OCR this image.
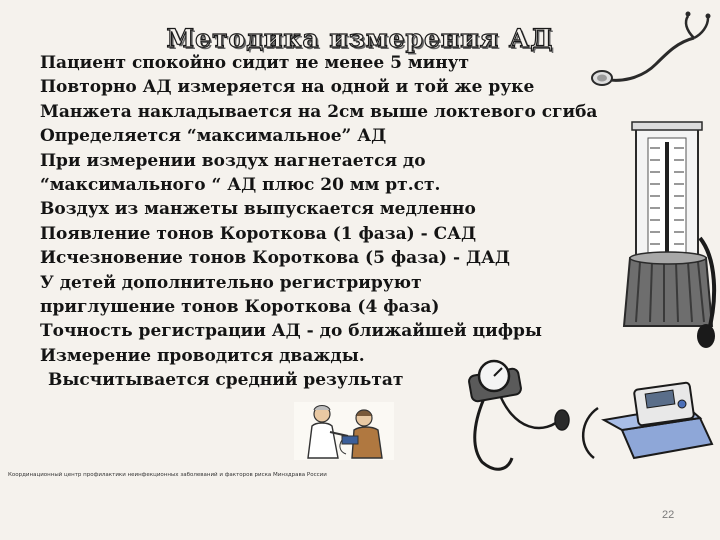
Методика измерения АД
Пациент спокойно сидит не менее 5 минут
Повторно АД измеряется на одной и той же руке
Манжета накладывается на 2см выше локтевого сгиба
Определяется “максимальное” АД
При измерении воздух нагнетается до
“максимального “ АД плюс 20 мм рт.ст.
Воздух из манжеты выпускается медленно
Появление тонов Короткова (1 фаза) - САД
Исчезновение тонов Короткова (5 фаза) - ДАД
У детей дополнительно регистрируют
приглушение тонов Короткова (4 фаза)
Точность регистрации АД - до ближайшей цифры
Измерение проводится дважды.
Высчитывается средний результат
Координационный центр профилактики неинфекционных заболеваний и факторов риска Минздрава России
22
